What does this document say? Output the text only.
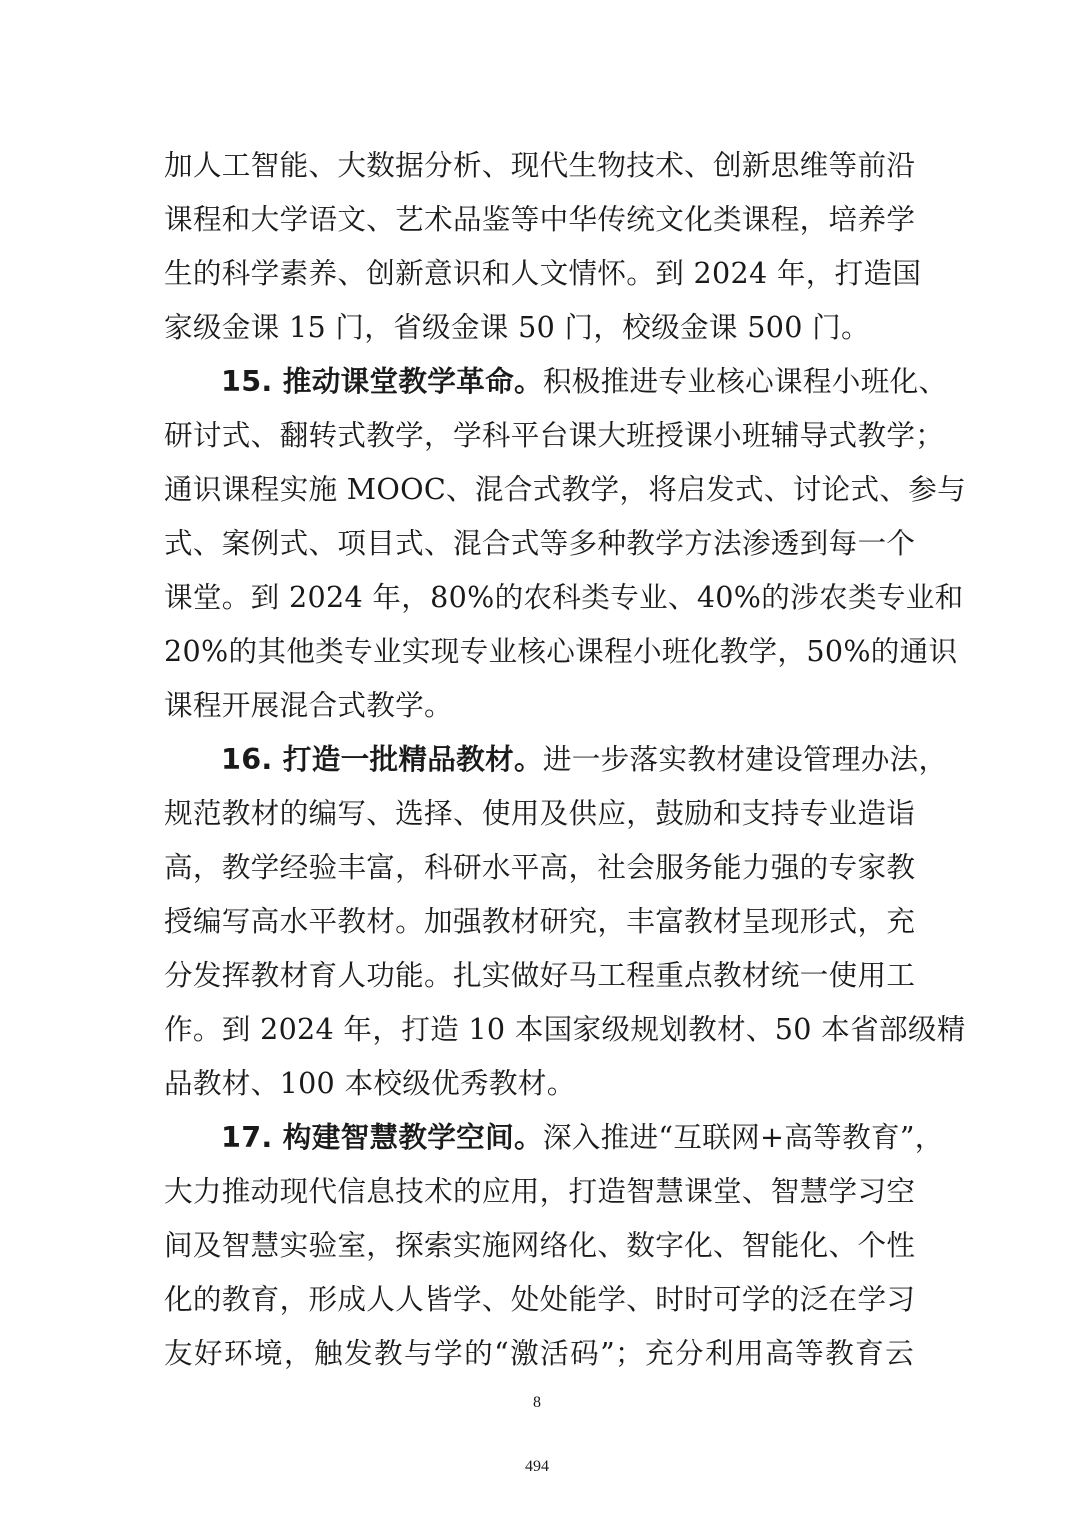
加人工智能、大数据分析、现代生物技术、创新思维等前沿
课程和大学语文、艺术品鉴等中华传统文化类课程，培养学
生的科学素养、创新意识和人文情怀。到 2024 年，打造国
家级金课 15 门，省级金课 50 门，校级金课 500 门。
15. 推动课堂教学革命。积极推进专业核心课程小班化、
研讨式、翻转式教学，学科平台课大班授课小班辅导式教学；
通识课程实施 MOOC、混合式教学，将启发式、讨论式、参与
式、案例式、项目式、混合式等多种教学方法渗透到每一个
课堂。到 2024 年，80%的农科类专业、40%的涉农类专业和
20%的其他类专业实现专业核心课程小班化教学，50%的通识
课程开展混合式教学。
16. 打造一批精品教材。进一步落实教材建设管理办法，
规范教材的编写、选择、使用及供应，鼓励和支持专业造诣
高，教学经验丰富，科研水平高，社会服务能力强的专家教
授编写高水平教材。加强教材研究，丰富教材呈现形式，充
分发挥教材育人功能。扎实做好马工程重点教材统一使用工
作。到 2024 年，打造 10 本国家级规划教材、50 本省部级精
品教材、100 本校级优秀教材。
17. 构建智慧教学空间。深入推进“互联网+高等教育”，
大力推动现代信息技术的应用，打造智慧课堂、智慧学习空
间及智慧实验室，探索实施网络化、数字化、智能化、个性
化的教育，形成人人皆学、处处能学、时时可学的泛在学习
友好环境，触发教与学的“激活码”；充分利用高等教育云
8
494
